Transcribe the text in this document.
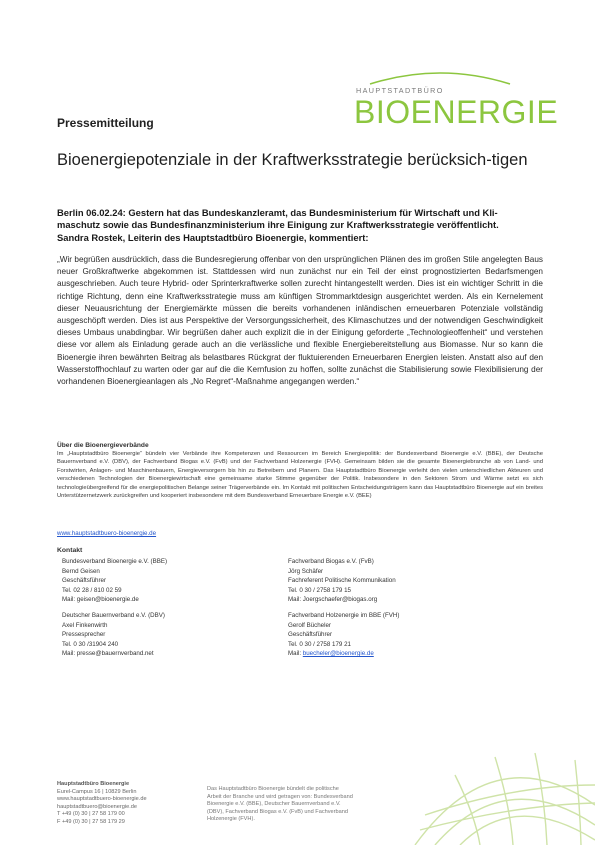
HAUPTSTADTBÜRO
BIOENERGIE
Pressemitteilung
Bioenergiepotenziale in der Kraftwerksstrategie berücksich-tigen
Berlin 06.02.24: Gestern hat das Bundeskanzleramt, das Bundesministerium für Wirtschaft und Kli-
maschutz sowie das Bundesfinanzministerium ihre Einigung zur Kraftwerksstrategie veröffentlicht.
Sandra Rostek, Leiterin des Hauptstadtbüro Bioenergie, kommentiert:
„Wir begrüßen ausdrücklich, dass die Bundesregierung offenbar von den ursprünglichen Plänen des im großen Stile angelegten Baus neuer Großkraftwerke abgekommen ist. Stattdessen wird nun zunächst nur ein Teil der einst prognostizierten Bedarfsmengen ausgeschrieben. Auch teure Hybrid- oder Sprinterkraftwerke sollen zurecht hintangestellt werden. Dies ist ein wichtiger Schritt in die richtige Richtung, denn eine Kraftwerksstrategie muss am künftigen Strommarktdesign ausgerichtet werden. Als ein Kernelement dieser Neuausrichtung der Energiemärkte müssen die bereits vorhandenen inländischen erneuerbaren Potenziale vollständig ausgeschöpft werden. Dies ist aus Perspektive der Versorgungssicherheit, des Klimaschutzes und der notwendigen Geschwindigkeit dieses Umbaus unabdingbar. Wir begrüßen daher auch explizit die in der Einigung geforderte „Technologieoffenheit“ und verstehen diese vor allem als Einladung gerade auch an die verlässliche und flexible Energiebereitstellung aus Biomasse. Nur so kann die Bioenergie ihren bewährten Beitrag als belastbares Rückgrat der fluktuierenden Erneuerbaren Energien leisten. Anstatt also auf den Wasserstoffhochlauf zu warten oder gar auf die die Kernfusion zu hoffen, sollte zunächst die Stabilisierung sowie Flexibilisierung der vorhandenen Bioenergieanlagen als „No Regret“-Maßnahme angegangen werden.“
Über die Bioenergieverbände
Im „Hauptstadtbüro Bioenergie“ bündeln vier Verbände ihre Kompetenzen und Ressourcen im Bereich Energiepolitik: der Bundesverband Bioenergie e.V. (BBE), der Deutsche Bauernverband e.V. (DBV), der Fachverband Biogas e.V. (FvB) und der Fachverband Holzenergie (FVH). Gemeinsam bilden sie die gesamte Bioenergiebranche ab von Land- und Forstwirten, Anlagen- und Maschinenbauern, Energieversorgern bis hin zu Betreibern und Planern. Das Hauptstadtbüro Bioenergie verleiht den vielen unterschiedlichen Akteuren und verschiedenen Technologien der Bioenergiewirtschaft eine gemeinsame starke Stimme gegenüber der Politik. Insbesondere in den Sektoren Strom und Wärme setzt es sich technologieübergreifend für die energiepolitischen Belange seiner Trägerverbände ein. Im Kontakt mit politischen Entscheidungsträgern kann das Hauptstadtbüro Bioenergie auf ein breites Unterstützernetzwerk zurückgreifen und kooperiert insbesondere mit dem Bundesverband Erneuerbare Energie e.V. (BEE)
www.hauptstadtbuero-bioenergie.de
Kontakt
Bundesverband Bioenergie e.V. (BBE)
Bernd Geisen
Geschäftsführer
Tel. 02 28 / 810 02 59
Mail: geisen@bioenergie.de
Deutscher Bauernverband e.V. (DBV)
Axel Finkenwirth
Pressesprecher
Tel. 0 30 /31904 240
Mail: presse@bauernverband.net
Fachverband Biogas e.V. (FvB)
Jörg Schäfer
Fachreferent Politische Kommunikation
Tel. 0 30 / 2758 179 15
Mail: Joergschaefer@biogas.org
Fachverband Holzenergie im BBE (FVH)
Gerolf Bücheler
Geschäftsführer
Tel. 0 30 / 2758 179 21
Mail: buecheler@bioenergie.de
Hauptstadtbüro Bioenergie
Eurel-Campus 16 | 10829 Berlin
www.hauptstadtbuero-bioenergie.de
hauptstadtbuero@bioenergie.de
T +49 (0) 30 | 27 58 179 00
F +49 (0) 30 | 27 58 179 29
Das Hauptstadtbüro Bioenergie bündelt die politische
Arbeit der Branche und wird getragen von: Bundesverband
Bioenergie e.V. (BBE), Deutscher Bauernverband e.V.
(DBV), Fachverband Biogas e.V. (FvB) und Fachverband
Holzenergie (FVH).
